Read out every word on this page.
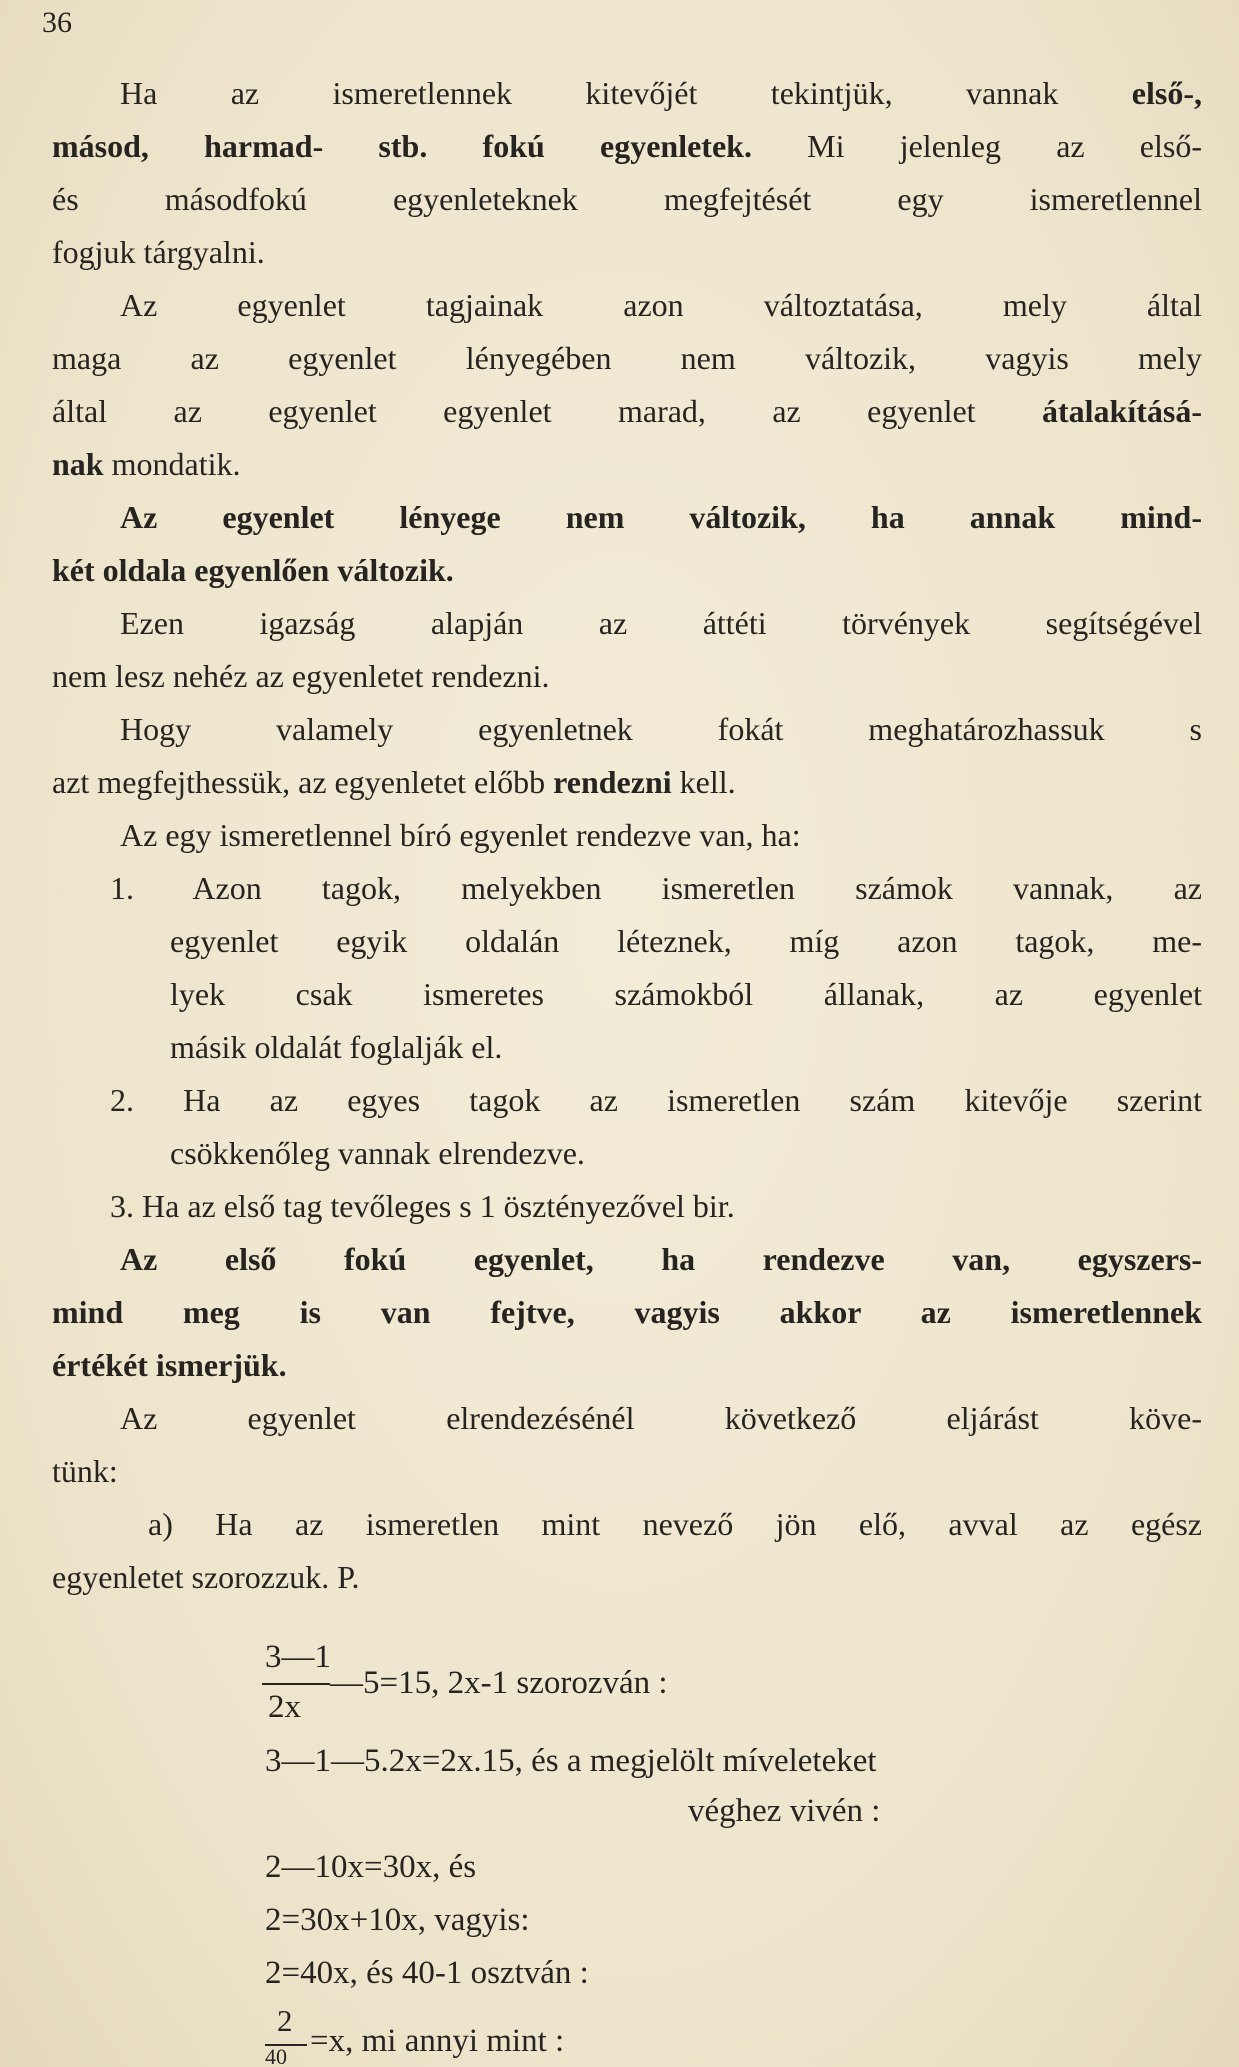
36
Ha az ismeretlennek kitevőjét tekintjük, vannak első-,
másod, harmad- stb. fokú egyenletek. Mi jelenleg az első-
és másodfokú egyenleteknek megfejtését egy ismeretlennel
fogjuk tárgyalni.
Az egyenlet tagjainak azon változtatása, mely által
maga az egyenlet lényegében nem változik, vagyis mely
által az egyenlet egyenlet marad, az egyenlet átalakításá-
nak mondatik.
Az egyenlet lényege nem változik, ha annak mind-
két oldala egyenlően változik.
Ezen igazság alapján az áttéti törvények segítségével
nem lesz nehéz az egyenletet rendezni.
Hogy valamely egyenletnek fokát meghatározhassuk s
azt megfejthessük, az egyenletet előbb rendezni kell.
Az egy ismeretlennel bíró egyenlet rendezve van, ha:
1. Azon tagok, melyekben ismeretlen számok vannak, az
egyenlet egyik oldalán léteznek, míg azon tagok, me-
lyek csak ismeretes számokból állanak, az egyenlet
másik oldalát foglalják el.
2. Ha az egyes tagok az ismeretlen szám kitevője szerint
csökkenőleg vannak elrendezve.
3. Ha az első tag tevőleges s 1 ösztényezővel bir.
Az első fokú egyenlet, ha rendezve van, egyszers-
mind meg is van fejtve, vagyis akkor az ismeretlennek
értékét ismerjük.
Az egyenlet elrendezésénél következő eljárást köve-
tünk:
a) Ha az ismeretlen mint nevező jön elő, avval az egész
egyenletet szorozzuk. P.
3—1
2x
—5=15, 2x-1 szorozván :
3—1—5.2x=2x.15, és a megjelölt míveleteket
véghez vivén :
2—10x=30x, és
2=30x+10x, vagyis:
2=40x, és 40-1 osztván :
2
40 =x, mi annyi mint :
